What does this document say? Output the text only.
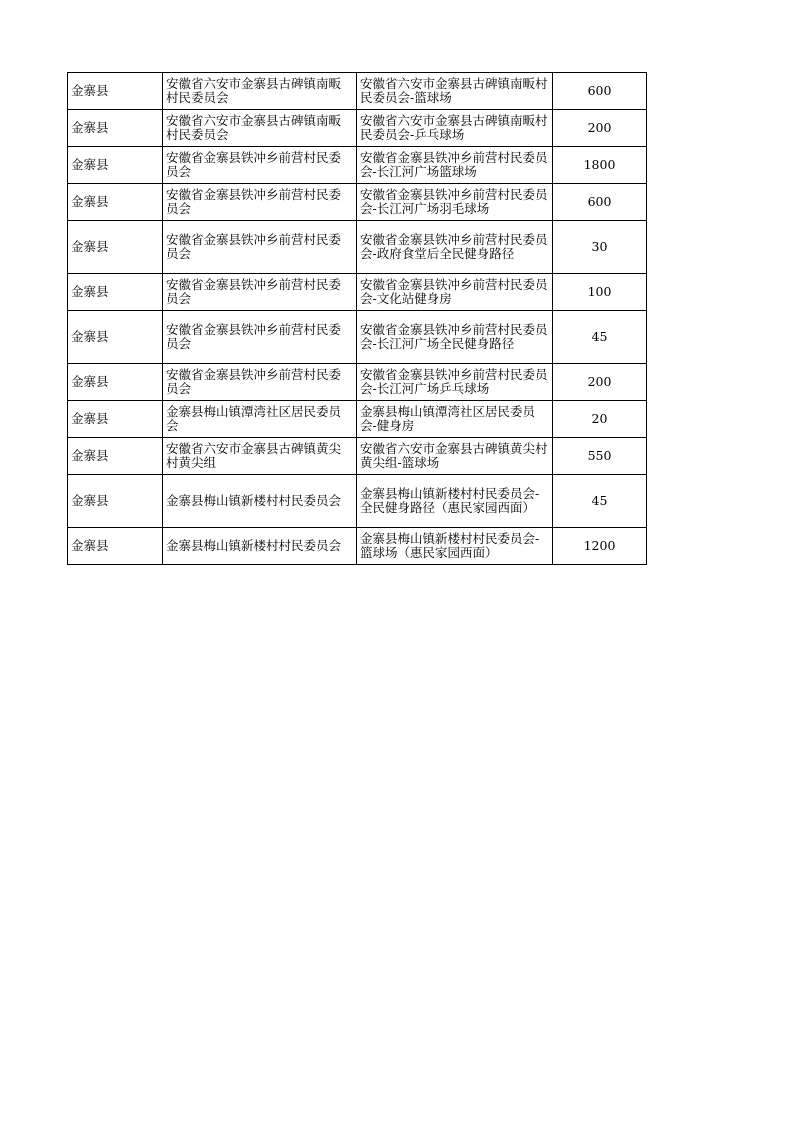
金寨县	安徽省六安市金寨县古碑镇南畈村民委员会	安徽省六安市金寨县古碑镇南畈村民委员会-篮球场	600
金寨县	安徽省六安市金寨县古碑镇南畈村民委员会	安徽省六安市金寨县古碑镇南畈村民委员会-乒乓球场	200
金寨县	安徽省金寨县铁冲乡前营村民委员会	安徽省金寨县铁冲乡前营村民委员会-长江河广场篮球场	1800
金寨县	安徽省金寨县铁冲乡前营村民委员会	安徽省金寨县铁冲乡前营村民委员会-长江河广场羽毛球场	600
金寨县	安徽省金寨县铁冲乡前营村民委员会	安徽省金寨县铁冲乡前营村民委员会-政府食堂后全民健身路径	30
金寨县	安徽省金寨县铁冲乡前营村民委员会	安徽省金寨县铁冲乡前营村民委员会-文化站健身房	100
金寨县	安徽省金寨县铁冲乡前营村民委员会	安徽省金寨县铁冲乡前营村民委员会-长江河广场全民健身路径	45
金寨县	安徽省金寨县铁冲乡前营村民委员会	安徽省金寨县铁冲乡前营村民委员会-长江河广场乒乓球场	200
金寨县	金寨县梅山镇潭湾社区居民委员会	金寨县梅山镇潭湾社区居民委员会-健身房	20
金寨县	安徽省六安市金寨县古碑镇黄尖村黄尖组	安徽省六安市金寨县古碑镇黄尖村黄尖组-篮球场	550
金寨县	金寨县梅山镇新楼村村民委员会	金寨县梅山镇新楼村村民委员会-全民健身路径（惠民家园西面）	45
金寨县	金寨县梅山镇新楼村村民委员会	金寨县梅山镇新楼村村民委员会-篮球场（惠民家园西面）	1200
